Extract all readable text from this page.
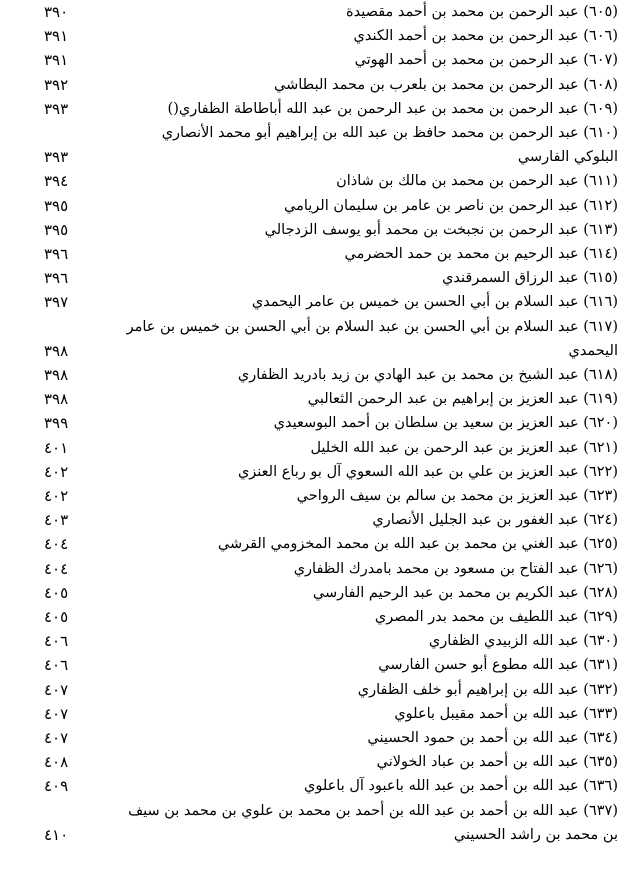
٣٩٠	(٦٠٥) عبد الرحمن بن محمد بن أحمد مقصيدة
٣٩١	(٦٠٦) عبد الرحمن بن محمد بن أحمد الكندي
٣٩١	(٦٠٧) عبد الرحمن بن محمد بن أحمد الهوتي
٣٩٢	(٦٠٨) عبد الرحمن بن محمد بن بلعرب بن محمد البطاشي
٣٩٣	(٦٠٩) عبد الرحمن بن محمد بن عبد الرحمن بن عبد الله أباطاطة الظفاري()
(٦١٠) عبد الرحمن بن محمد حافظ بن عبد الله بن إبراهيم أبو محمد الأنصاري
٣٩٣	البلوكي الفارسي
٣٩٤	(٦١١) عبد الرحمن بن محمد بن مالك بن شاذان
٣٩٥	(٦١٢) عبد الرحمن بن ناصر بن عامر بن سليمان الريامي
٣٩٥	(٦١٣) عبد الرحمن بن نجبخت بن محمد أبو يوسف الزدجالي
٣٩٦	(٦١٤) عبد الرحيم بن محمد بن حمد الحضرمي
٣٩٦	(٦١٥) عبد الرزاق السمرقندي
٣٩٧	(٦١٦) عبد السلام بن أبي الحسن بن خميس بن عامر اليحمدي
(٦١٧) عبد السلام بن أبي الحسن بن عبد السلام بن أبي الحسن بن خميس بن عامر
٣٩٨	اليحمدي
٣٩٨	(٦١٨) عبد الشيخ بن محمد بن عبد الهادي بن زيد بادريد الظفاري
٣٩٨	(٦١٩) عبد العزيز بن إبراهيم بن عبد الرحمن الثعالبي
٣٩٩	(٦٢٠) عبد العزيز بن سعيد بن سلطان بن أحمد البوسعيدي
٤٠١	(٦٢١) عبد العزيز بن عبد الرحمن بن عبد الله الخليل
٤٠٢	(٦٢٢) عبد العزيز بن علي بن عبد الله السعوي آل بو رباع العنزي
٤٠٢	(٦٢٣) عبد العزيز بن محمد بن سالم بن سيف الرواحي
٤٠٣	(٦٢٤) عبد الغفور بن عبد الجليل الأنصاري
٤٠٤	(٦٢٥) عبد الغني بن محمد بن عبد الله بن محمد المخزومي القرشي
٤٠٤	(٦٢٦) عبد الفتاح بن مسعود بن محمد بامدرك الظفاري
٤٠٥	(٦٢٨) عبد الكريم بن محمد بن عبد الرحيم الفارسي
٤٠٥	(٦٢٩) عبد اللطيف بن محمد بدر المصري
٤٠٦	(٦٣٠) عبد الله الزبيدي الظفاري
٤٠٦	(٦٣١) عبد الله مطوع أبو حسن الفارسي
٤٠٧	(٦٣٢) عبد الله بن إبراهيم أبو خلف الظفاري
٤٠٧	(٦٣٣) عبد الله بن أحمد مقيبل باعلوي
٤٠٧	(٦٣٤) عبد الله بن أحمد بن حمود الحسيني
٤٠٨	(٦٣٥) عبد الله بن أحمد بن عباد الخولاني
٤٠٩	(٦٣٦) عبد الله بن أحمد بن عبد الله باعبود آل باعلوي
(٦٣٧) عبد الله بن أحمد بن عبد الله بن أحمد بن محمد بن علوي بن محمد بن سيف
٤١٠	بن محمد بن راشد الحسيني
